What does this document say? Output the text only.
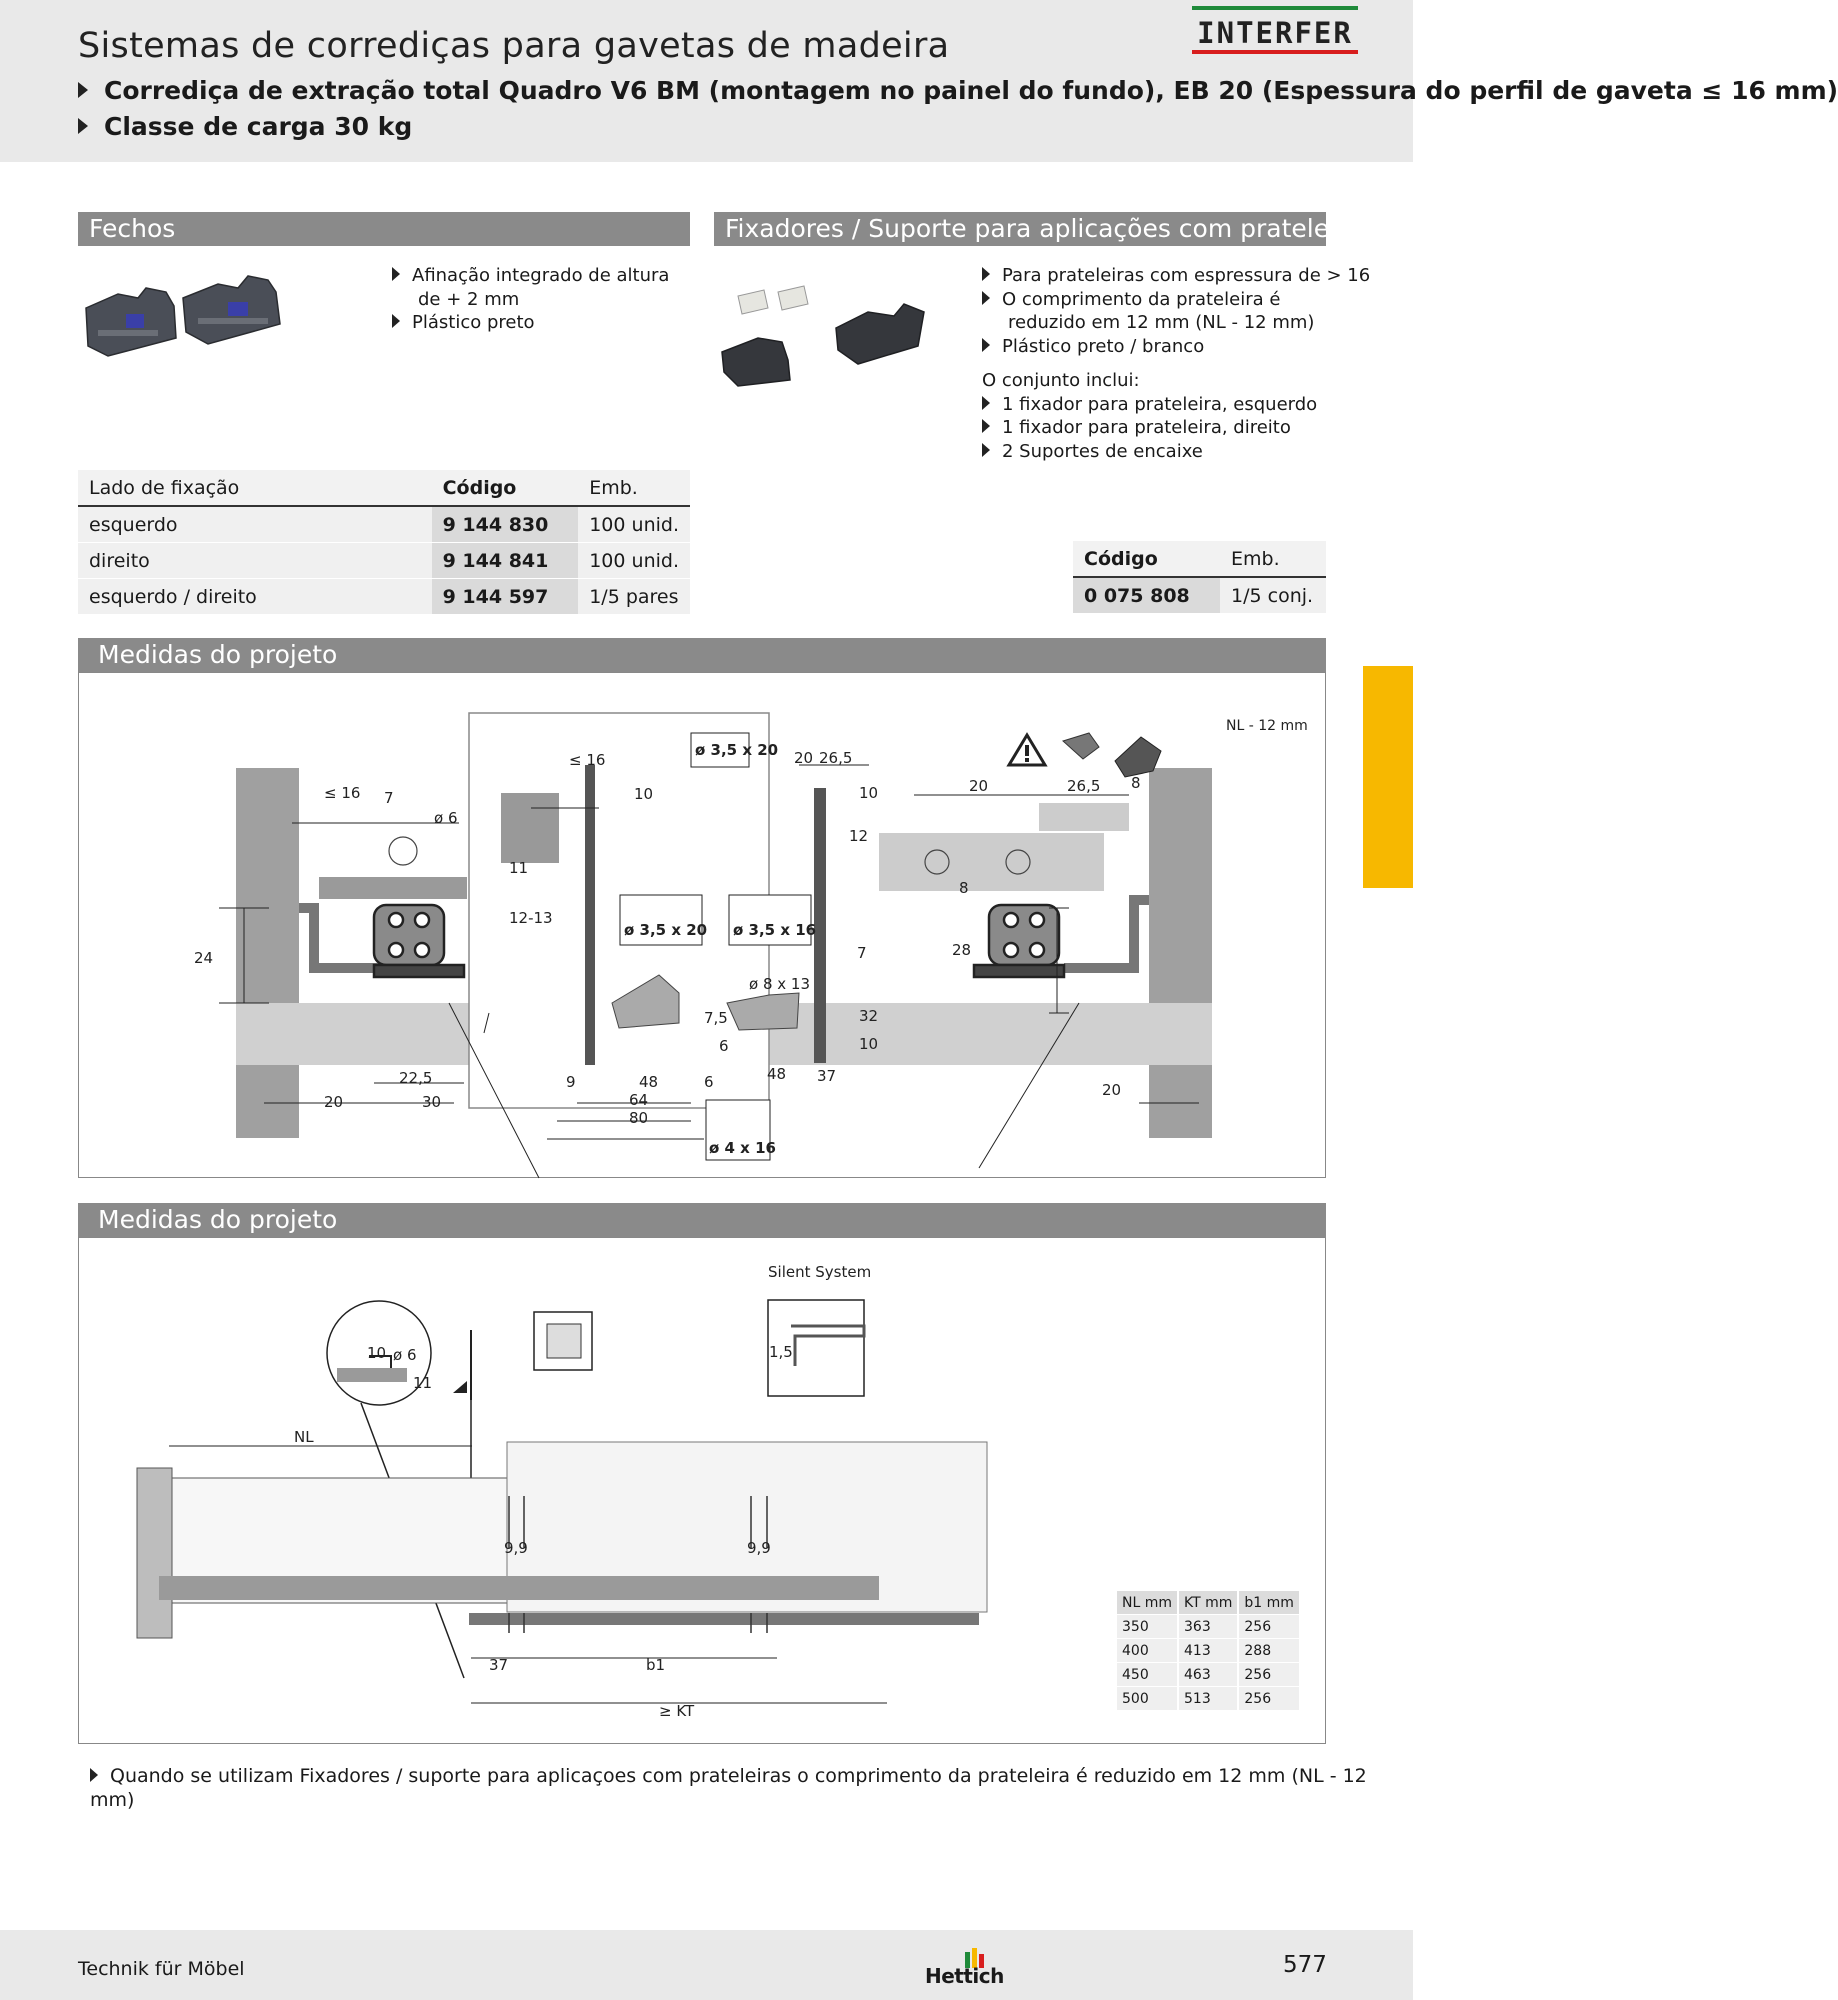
Sistemas de corrediças para gavetas de madeira
Corrediça de extração total Quadro V6 BM (montagem no painel do fundo), EB 20 (Espessura do perfil de gaveta ≤ 16 mm)
Classe de carga 30 kg
INTERFER
Fechos
Afinação integrado de altura
de + 2 mm
Plástico preto
Lado de fixação	Código	Emb.
esquerdo	9 144 830	100 unid.
direito	9 144 841	100 unid.
esquerdo / direito	9 144 597	1/5 pares
Fixadores / Suporte para aplicações com prateleiras
Para prateleiras com espressura de > 16
O comprimento da prateleira é
reduzido em 12 mm (NL - 12 mm)
Plástico preto / branco
O conjunto inclui:
1 fixador para prateleira, esquerdo
1 fixador para prateleira, direito
2 Suportes de encaixe
Código	Emb.
0 075 808	1/5 conj.
Medidas do projeto
≤ 16 7
ø 6
11
12-13
24
22,5
20	30
≤ 16
10
ø 3,5 x 20 20 26,5
10
12
ø 3,5 x 20 ø 3,5 x 16
ø 8 x 13
7
7,5	32
6	10
48
9
64
80
6	48 37
ø 4 x 16
NL - 12 mm
20	26,5 8
8
28
20
Medidas do projeto
Silent System
1,5
10 ø 6
11
NL
9,9	9,9
37	b1
≥ KT
NL mm	KT mm	b1 mm
350	363	256
400	413	288
450	463	256
500	513	256
Quando se utilizam Fixadores / suporte para aplicaçoes com prateleiras o comprimento da prateleira é reduzido em 12 mm (NL - 12 mm)
Technik für Möbel	Hettich	577
